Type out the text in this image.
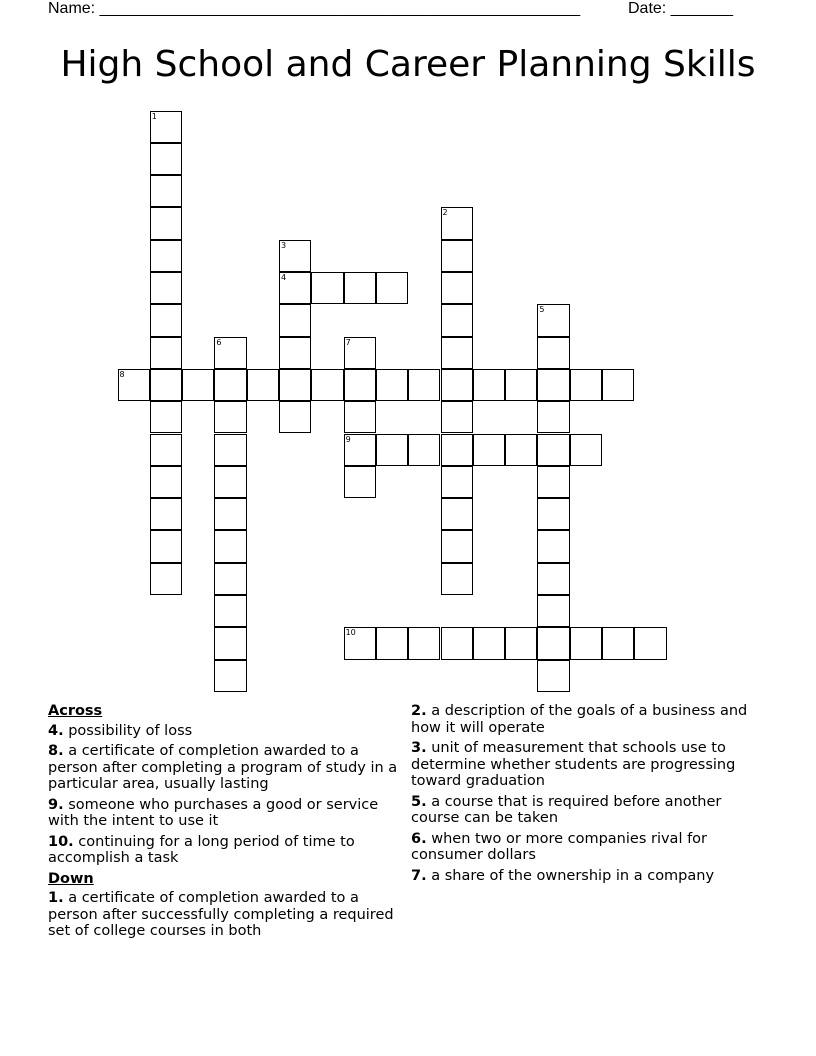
Name: ______________________________________________________	Date: _______
High School and Career Planning Skills
1
2
3
4
5
6	7
8
9
10
Across
4. possibility of loss
8. a certificate of completion awarded to a person after completing a program of study in a particular area, usually lasting
9. someone who purchases a good or service with the intent to use it
10. continuing for a long period of time to accomplish a task
Down
1. a certificate of completion awarded to a person after successfully completing a required set of college courses in both
2. a description of the goals of a business and how it will operate
3. unit of measurement that schools use to determine whether students are progressing toward graduation
5. a course that is required before another course can be taken
6. when two or more companies rival for consumer dollars
7. a share of the ownership in a company
